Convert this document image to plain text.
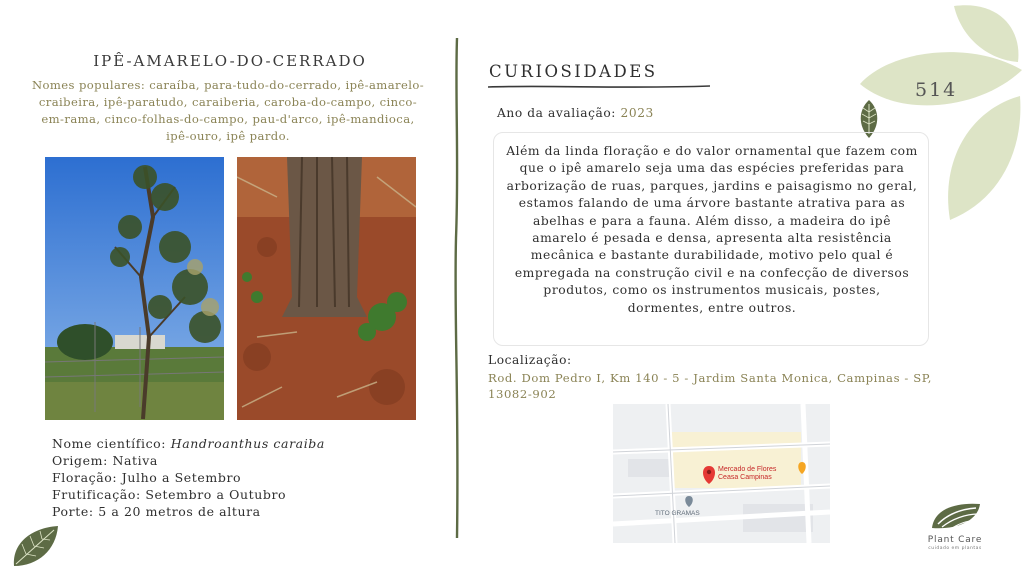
514
IPÊ-AMARELO-DO-CERRADO
Nomes populares: caraíba, para-tudo-do-cerrado, ipê-amarelo-craibeira, ipê-paratudo, caraiberia, caroba-do-campo, cinco-em-rama, cinco-folhas-do-campo, pau-d'arco, ipê-mandioca, ipê-ouro, ipê pardo.
Nome científico: Handroanthus caraiba
Origem: Nativa
Floração: Julho a Setembro
Frutificação: Setembro a Outubro
Porte: 5 a 20 metros de altura
CURIOSIDADES
Ano da avaliação: 2023
Além da linda floração e do valor ornamental que fazem com que o ipê amarelo seja uma das espécies preferidas para arborização de ruas, parques, jardins e paisagismo no geral, estamos falando de uma árvore bastante atrativa para as abelhas e para a fauna. Além disso, a madeira do ipê amarelo é pesada e densa, apresenta alta resistência mecânica e bastante durabilidade, motivo pelo qual é empregada na construção civil e na confecção de diversos produtos, como os instrumentos musicais, postes, dormentes, entre outros.
Localização:
Rod. Dom Pedro I, Km 140 - 5 - Jardim Santa Monica, Campinas - SP, 13082-902
Mercado de Flores
Ceasa Campinas
TITO GRAMAS
Plant Care
cuidado em plantas
